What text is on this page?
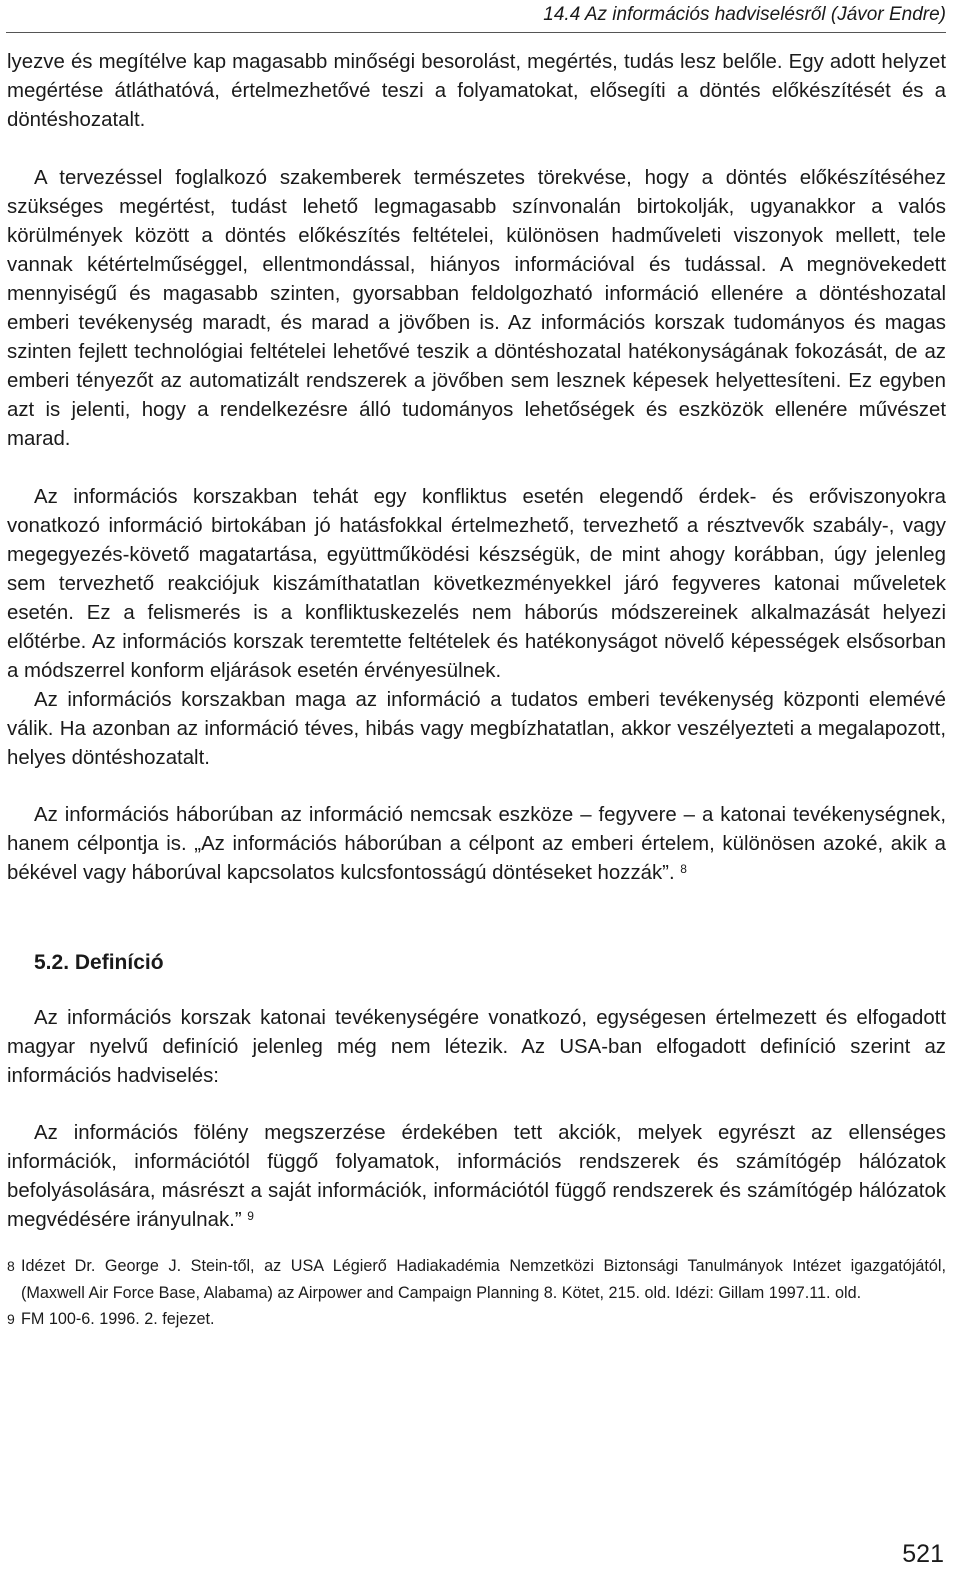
14.4 Az információs hadviselésről (Jávor Endre)

lyezve és megítélve kap magasabb minőségi besorolást, megértés, tudás lesz belőle. Egy adott helyzet megértése átláthatóvá, értelmezhetővé teszi a folyamatokat, elősegíti a döntés előkészítését és a döntéshozatalt.

A tervezéssel foglalkozó szakemberek természetes törekvése, hogy a döntés előkészítéséhez szükséges megértést, tudást lehető legmagasabb színvonalán birtokolják, ugyanakkor a valós körülmények között a döntés előkészítés feltételei, különösen hadműveleti viszonyok mellett, tele vannak kétértelműséggel, ellentmondással, hiányos információval és tudással. A megnövekedett mennyiségű és magasabb szinten, gyorsabban feldolgozható információ ellenére a döntéshozatal emberi tevékenység maradt, és marad a jövőben is. Az információs korszak tudományos és magas szinten fejlett technológiai feltételei lehetővé teszik a döntéshozatal hatékonyságának fokozását, de az emberi tényezőt az automatizált rendszerek a jövőben sem lesznek képesek helyettesíteni. Ez egyben azt is jelenti, hogy a rendelkezésre álló tudományos lehetőségek és eszközök ellenére művészet marad.

Az információs korszakban tehát egy konfliktus esetén elegendő érdek- és erőviszonyokra vonatkozó információ birtokában jó hatásfokkal értelmezhető, tervezhető a résztvevők szabály-, vagy megegyezés-követő magatartása, együttműködési készségük, de mint ahogy korábban, úgy jelenleg sem tervezhető reakciójuk kiszámíthatatlan következményekkel járó fegyveres katonai műveletek esetén. Ez a felismerés is a konfliktuskezelés nem háborús módszereinek alkalmazását helyezi előtérbe. Az információs korszak teremtette feltételek és hatékonyságot növelő képességek elsősorban a módszerrel konform eljárások esetén érvényesülnek.

Az információs korszakban maga az információ a tudatos emberi tevékenység központi elemévé válik. Ha azonban az információ téves, hibás vagy megbízhatatlan, akkor veszélyezteti a megalapozott, helyes döntéshozatalt.

Az információs háborúban az információ nemcsak eszköze – fegyvere – a katonai tevékenységnek, hanem célpontja is. „Az információs háborúban a célpont az emberi értelem, különösen azoké, akik a békével vagy háborúval kapcsolatos kulcsfontosságú döntéseket hozzák”. $^8$

5.2. Definíció

Az információs korszak katonai tevékenységére vonatkozó, egységesen értelmezett és elfogadott magyar nyelvű definíció jelenleg még nem létezik. Az USA-ban elfogadott definíció szerint az információs hadviselés:

Az információs fölény megszerzése érdekében tett akciók, melyek egyrészt az ellenséges információk, információtól függő folyamatok, információs rendszerek és számítógép hálózatok befolyásolására, másrészt a saját információk, információtól függő rendszerek és számítógép hálózatok megvédésére irányulnak.” $^9$

8 Idézet Dr. George J. Stein-től, az USA Légierő Hadiakadémia Nemzetközi Biztonsági Tanulmányok Intézet igazgatójától, (Maxwell Air Force Base, Alabama) az Airpower and Campaign Planning 8. Kötet, 215. old. Idézi: Gillam 1997.11. old.
9 FM 100-6. 1996. 2. fejezet.
521
